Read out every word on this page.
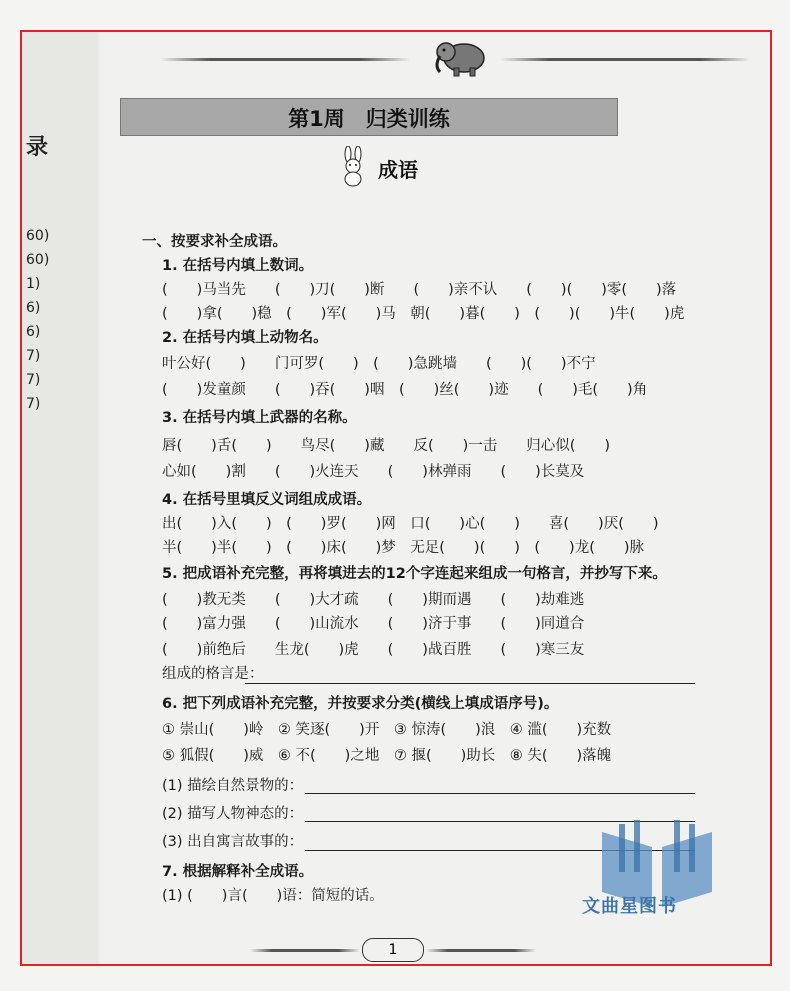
录
60)
60)
1)
6)
6)
7)
7)
7)
第1周　归类训练
成语
一、按要求补全成语。
1. 在括号内填上数词。
(　　)马当先　　(　　)刀(　　)断　　(　　)亲不认　　(　　)(　　)零(　　)落
(　　)拿(　　)稳　(　　)军(　　)马　朝(　　)暮(　　)　(　　)(　　)牛(　　)虎
2. 在括号内填上动物名。
叶公好(　　)　　门可罗(　　)　(　　)急跳墙　　(　　)(　　)不宁
(　　)发童颜　　(　　)吞(　　)咽　(　　)丝(　　)迹　　(　　)毛(　　)角
3. 在括号内填上武器的名称。
唇(　　)舌(　　)　　鸟尽(　　)藏　　反(　　)一击　　归心似(　　)
心如(　　)割　　(　　)火连天　　(　　)林弹雨　　(　　)长莫及
4. 在括号里填反义词组成成语。
出(　　)入(　　)　(　　)罗(　　)网　口(　　)心(　　)　　喜(　　)厌(　　)
半(　　)半(　　)　(　　)床(　　)梦　无足(　　)(　　)　(　　)龙(　　)脉
5. 把成语补充完整，再将填进去的12个字连起来组成一句格言，并抄写下来。
(　　)教无类　　(　　)大才疏　　(　　)期而遇　　(　　)劫难逃
(　　)富力强　　(　　)山流水　　(　　)济于事　　(　　)同道合
(　　)前绝后　　生龙(　　)虎　　(　　)战百胜　　(　　)寒三友
组成的格言是：
6. 把下列成语补充完整，并按要求分类(横线上填成语序号)。
① 崇山(　　)岭　② 笑逐(　　)开　③ 惊涛(　　)浪　④ 滥(　　)充数
⑤ 狐假(　　)威　⑥ 不(　　)之地　⑦ 揠(　　)助长　⑧ 失(　　)落魄
(1) 描绘自然景物的：
(2) 描写人物神态的：
(3) 出自寓言故事的：
7. 根据解释补全成语。
(1) (　　)言(　　)语：简短的话。
1
文曲星图书
